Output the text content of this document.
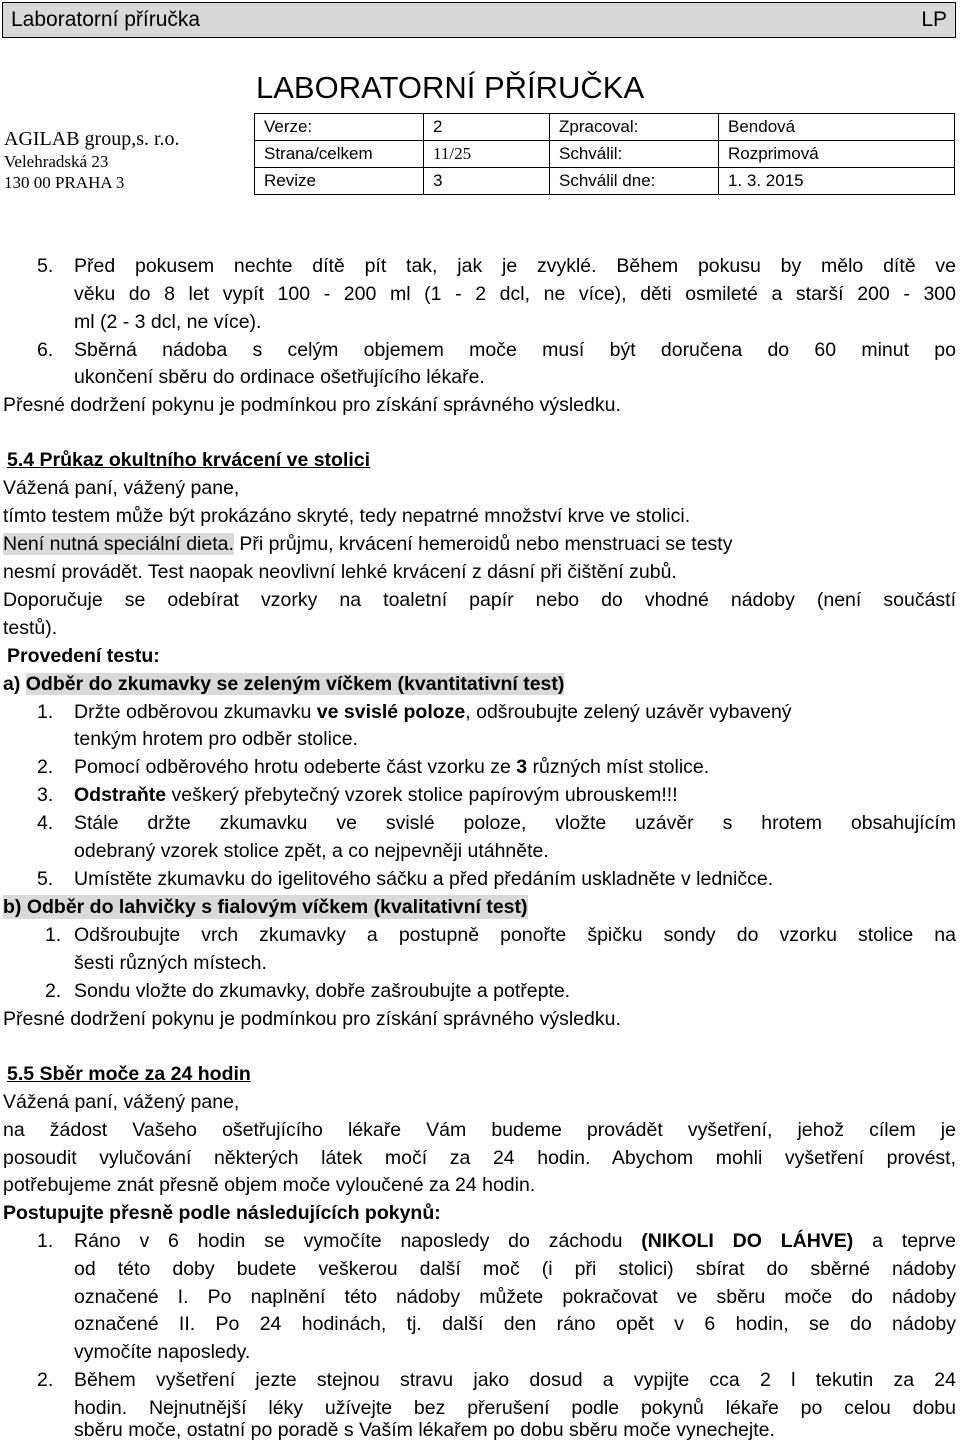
Laboratorní příručka	LP
AGILAB group,s. r.o.
Velehradská 23
130 00 PRAHA 3
LABORATORNÍ PŘÍRUČKA
Verze:	2	Zpracoval:	Bendová
Strana/celkem	11/25	Schválil:	Rozprimová
Revize	3	Schválil dne:	1. 3. 2015
5. Před pokusem nechte dítě pít tak, jak je zvyklé. Během pokusu by mělo dítě ve
věku do 8 let vypít 100 - 200 ml (1 - 2 dcl, ne více), děti osmileté a starší 200 - 300
ml (2 - 3 dcl, ne více).
6. Sběrná nádoba s celým objemem moče musí být doručena do 60 minut po
ukončení sběru do ordinace ošetřujícího lékaře.
Přesné dodržení pokynu je podmínkou pro získání správného výsledku.
5.4 Průkaz okultního krvácení ve stolici
Vážená paní, vážený pane,
tímto testem může být prokázáno skryté, tedy nepatrné množství krve ve stolici.
Není nutná speciální dieta. Při průjmu, krvácení hemeroidů nebo menstruaci se testy
nesmí provádět. Test naopak neovlivní lehké krvácení z dásní při čištění zubů.
Doporučuje se odebírat vzorky na toaletní papír nebo do vhodné nádoby (není součástí
testů).
Provedení testu:
a) Odběr do zkumavky se zeleným víčkem (kvantitativní test)
1. Držte odběrovou zkumavku ve svislé poloze, odšroubujte zelený uzávěr vybavený
tenkým hrotem pro odběr stolice.
2. Pomocí odběrového hrotu odeberte část vzorku ze 3 různých míst stolice.
3. Odstraňte veškerý přebytečný vzorek stolice papírovým ubrouskem!!!
4. Stále držte zkumavku ve svislé poloze, vložte uzávěr s hrotem obsahujícím
odebraný vzorek stolice zpět, a co nejpevněji utáhněte.
5. Umístěte zkumavku do igelitového sáčku a před předáním uskladněte v ledničce.
b) Odběr do lahvičky s fialovým víčkem (kvalitativní test)
1. Odšroubujte vrch zkumavky a postupně ponořte špičku sondy do vzorku stolice na
šesti různých místech.
2. Sondu vložte do zkumavky, dobře zašroubujte a potřepte.
Přesné dodržení pokynu je podmínkou pro získání správného výsledku.
5.5 Sběr moče za 24 hodin
Vážená paní, vážený pane,
na žádost Vašeho ošetřujícího lékaře Vám budeme provádět vyšetření, jehož cílem je
posoudit vylučování některých látek močí za 24 hodin. Abychom mohli vyšetření provést,
potřebujeme znát přesně objem moče vyloučené za 24 hodin.
Postupujte přesně podle následujících pokynů:
1. Ráno v 6 hodin se vymočíte naposledy do záchodu (NIKOLI DO LÁHVE) a teprve
od této doby budete veškerou další moč (i při stolici) sbírat do sběrné nádoby
označené I. Po naplnění této nádoby můžete pokračovat ve sběru moče do nádoby
označené II. Po 24 hodinách, tj. další den ráno opět v 6 hodin, se do nádoby
vymočíte naposledy.
2. Během vyšetření jezte stejnou stravu jako dosud a vypijte cca 2 l tekutin za 24
hodin. Nejnutnější léky užívejte bez přerušení podle pokynů lékaře po celou dobu
sběru moče, ostatní po poradě s Vaším lékařem po dobu sběru moče vynechejte.
